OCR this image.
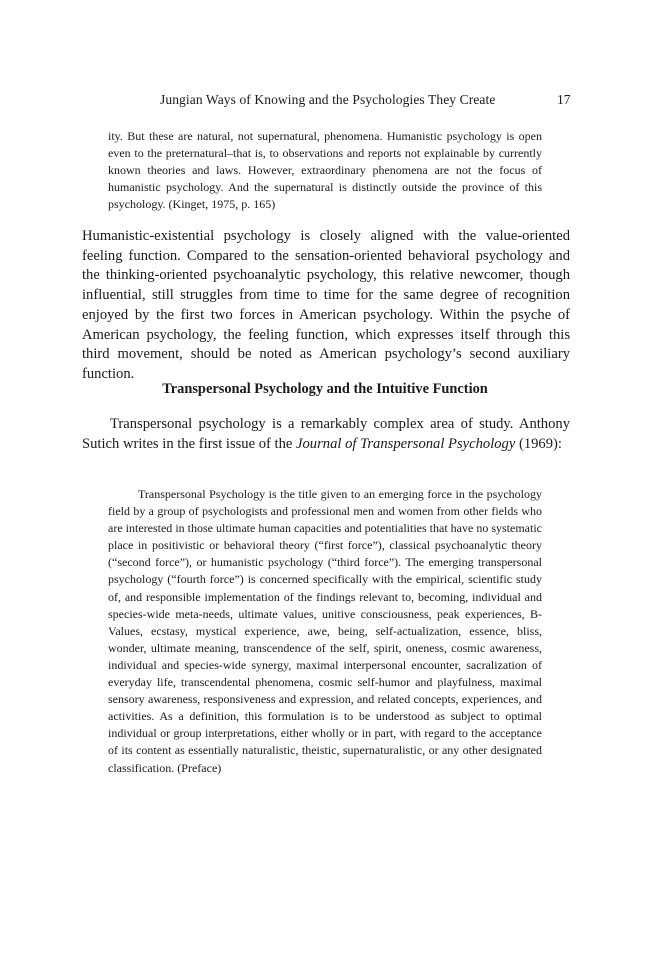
Jungian Ways of Knowing and the Psychologies They Create	17

ity. But these are natural, not supernatural, phenomena. Humanistic psychology is open even to the preternatural–that is, to observations and reports not explainable by currently known theories and laws. However, extraordinary phenomena are not the focus of humanistic psychology. And the supernatural is distinctly outside the province of this psychology. (Kinget, 1975, p. 165)

Humanistic-existential psychology is closely aligned with the value-oriented feeling function. Compared to the sensation-oriented behavioral psychology and the thinking-oriented psychoanalytic psychology, this relative newcomer, though influential, still struggles from time to time for the same degree of recognition enjoyed by the first two forces in American psychology. Within the psyche of American psychology, the feeling function, which expresses itself through this third movement, should be noted as American psychology’s second auxiliary function.

Transpersonal Psychology and the Intuitive Function

Transpersonal psychology is a remarkably complex area of study. Anthony Sutich writes in the first issue of the Journal of Transpersonal Psychology (1969):

Transpersonal Psychology is the title given to an emerging force in the psychology field by a group of psychologists and professional men and women from other fields who are interested in those ultimate human capacities and potentialities that have no systematic place in positivistic or behavioral theory (“first force”), classical psychoanalytic theory (“second force”), or humanistic psychology (“third force”). The emerging transpersonal psychology (“fourth force”) is concerned specifically with the empirical, scientific study of, and responsible implementation of the findings relevant to, becoming, individual and species-wide meta-needs, ultimate values, unitive consciousness, peak experiences, B-Values, ecstasy, mystical experience, awe, being, self-actualization, essence, bliss, wonder, ultimate meaning, transcendence of the self, spirit, oneness, cosmic awareness, individual and species-wide synergy, maximal interpersonal encounter, sacralization of everyday life, transcendental phenomena, cosmic self-humor and playfulness, maximal sensory awareness, responsiveness and expression, and related concepts, experiences, and activities. As a definition, this formulation is to be understood as subject to optimal individual or group interpretations, either wholly or in part, with regard to the acceptance of its content as essentially naturalistic, theistic, supernaturalistic, or any other designated classification. (Preface)
